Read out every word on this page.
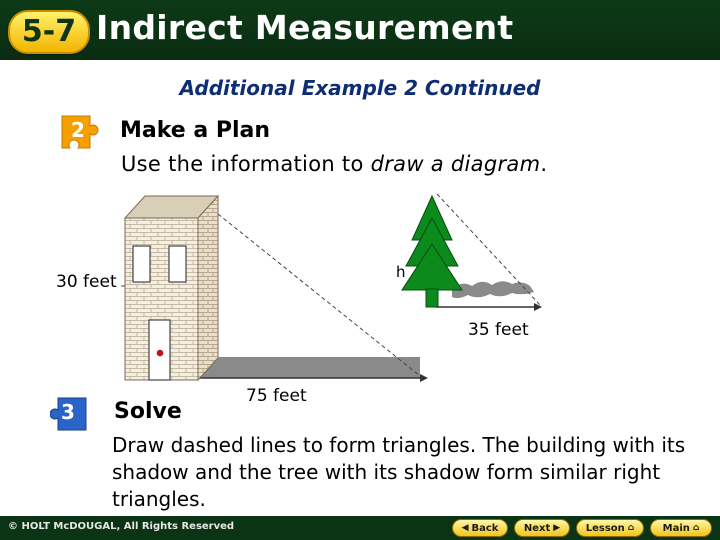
5-7 Indirect Measurement
Additional Example 2 Continued
2	Make a Plan
Use the information to draw a diagram.
30 feet	h
35 feet
75 feet
3	Solve
Draw dashed lines to form triangles. The building with its shadow and the tree with its shadow form similar right triangles.
© HOLT McDOUGAL, All Rights Reserved	◀ Back	Next ▶	Lesson ⌂	Main ⌂
